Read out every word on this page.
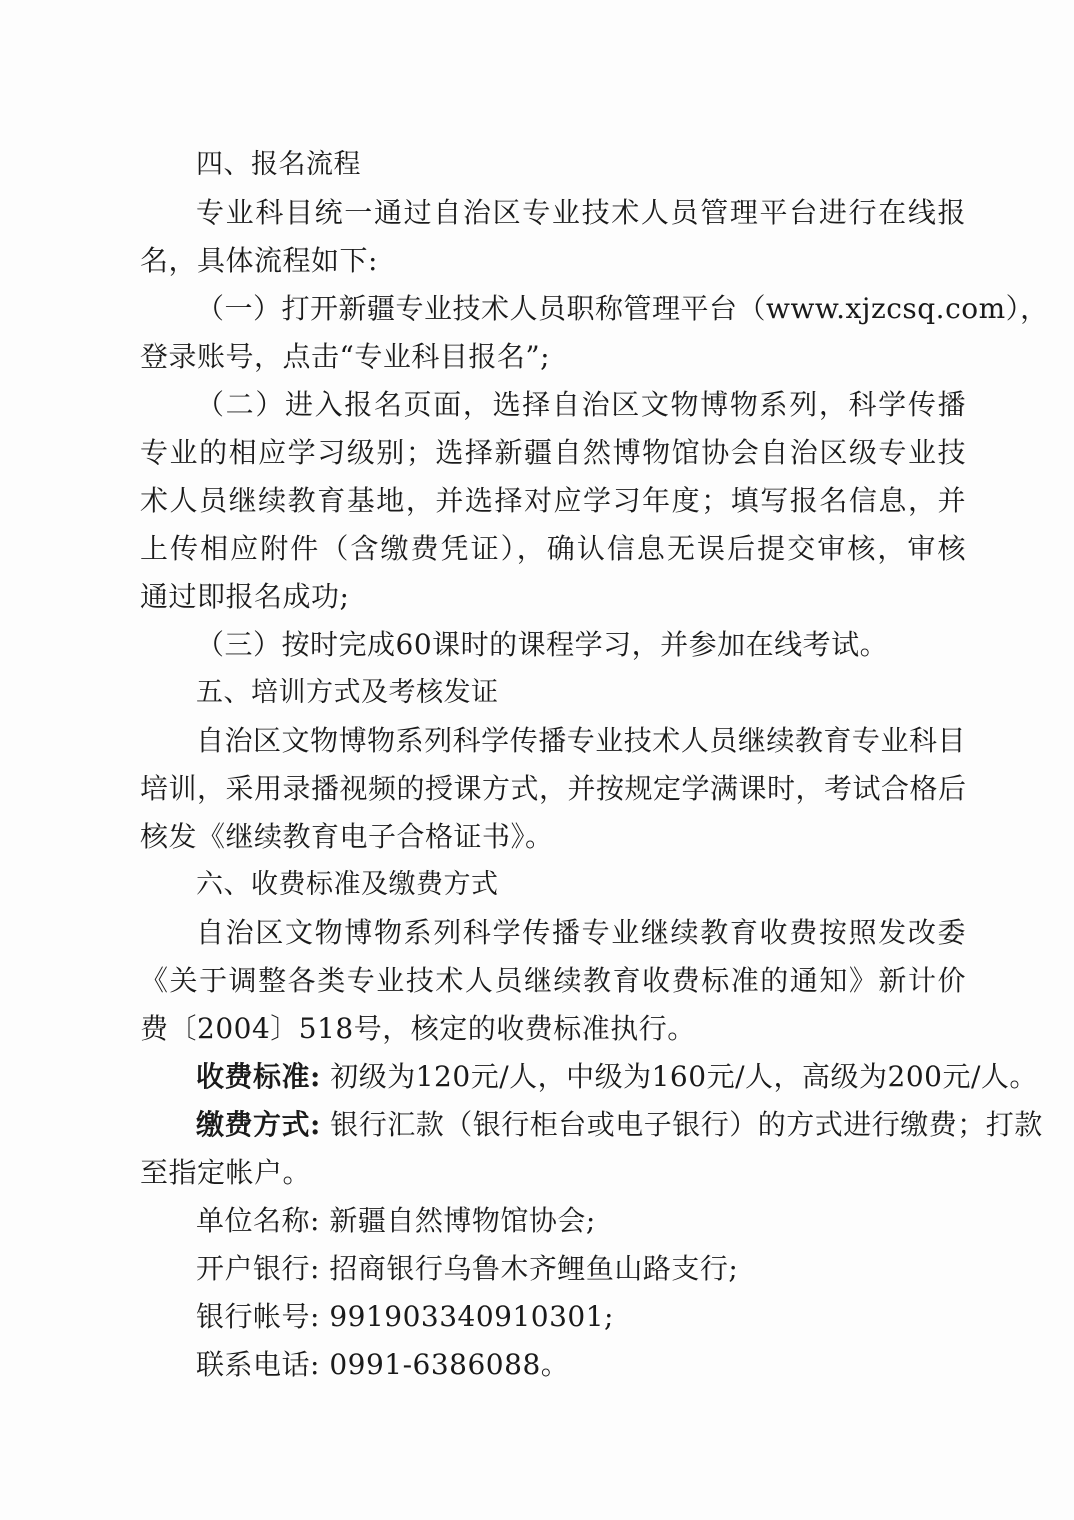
四、报名流程
专业科目统一通过自治区专业技术人员管理平台进行在线报
名，具体流程如下:
（一）打开新疆专业技术人员职称管理平台（www.xjzcsq.com），
登录账号，点击“专业科目报名”;
（二）进入报名页面，选择自治区文物博物系列，科学传播
专业的相应学习级别；选择新疆自然博物馆协会自治区级专业技
术人员继续教育基地，并选择对应学习年度；填写报名信息，并
上传相应附件（含缴费凭证），确认信息无误后提交审核，审核
通过即报名成功;
（三）按时完成60课时的课程学习，并参加在线考试。
五、培训方式及考核发证
自治区文物博物系列科学传播专业技术人员继续教育专业科目
培训，采用录播视频的授课方式，并按规定学满课时，考试合格后
核发《继续教育电子合格证书》。
六、收费标准及缴费方式
自治区文物博物系列科学传播专业继续教育收费按照发改委
《关于调整各类专业技术人员继续教育收费标准的通知》新计价
费〔2004〕518号，核定的收费标准执行。
收费标准: 初级为120元/人，中级为160元/人，高级为200元/人。
缴费方式: 银行汇款（银行柜台或电子银行）的方式进行缴费；打款
至指定帐户。
单位名称: 新疆自然博物馆协会;
开户银行: 招商银行乌鲁木齐鲤鱼山路支行;
银行帐号: 991903340910301;
联系电话: 0991-6386088。
